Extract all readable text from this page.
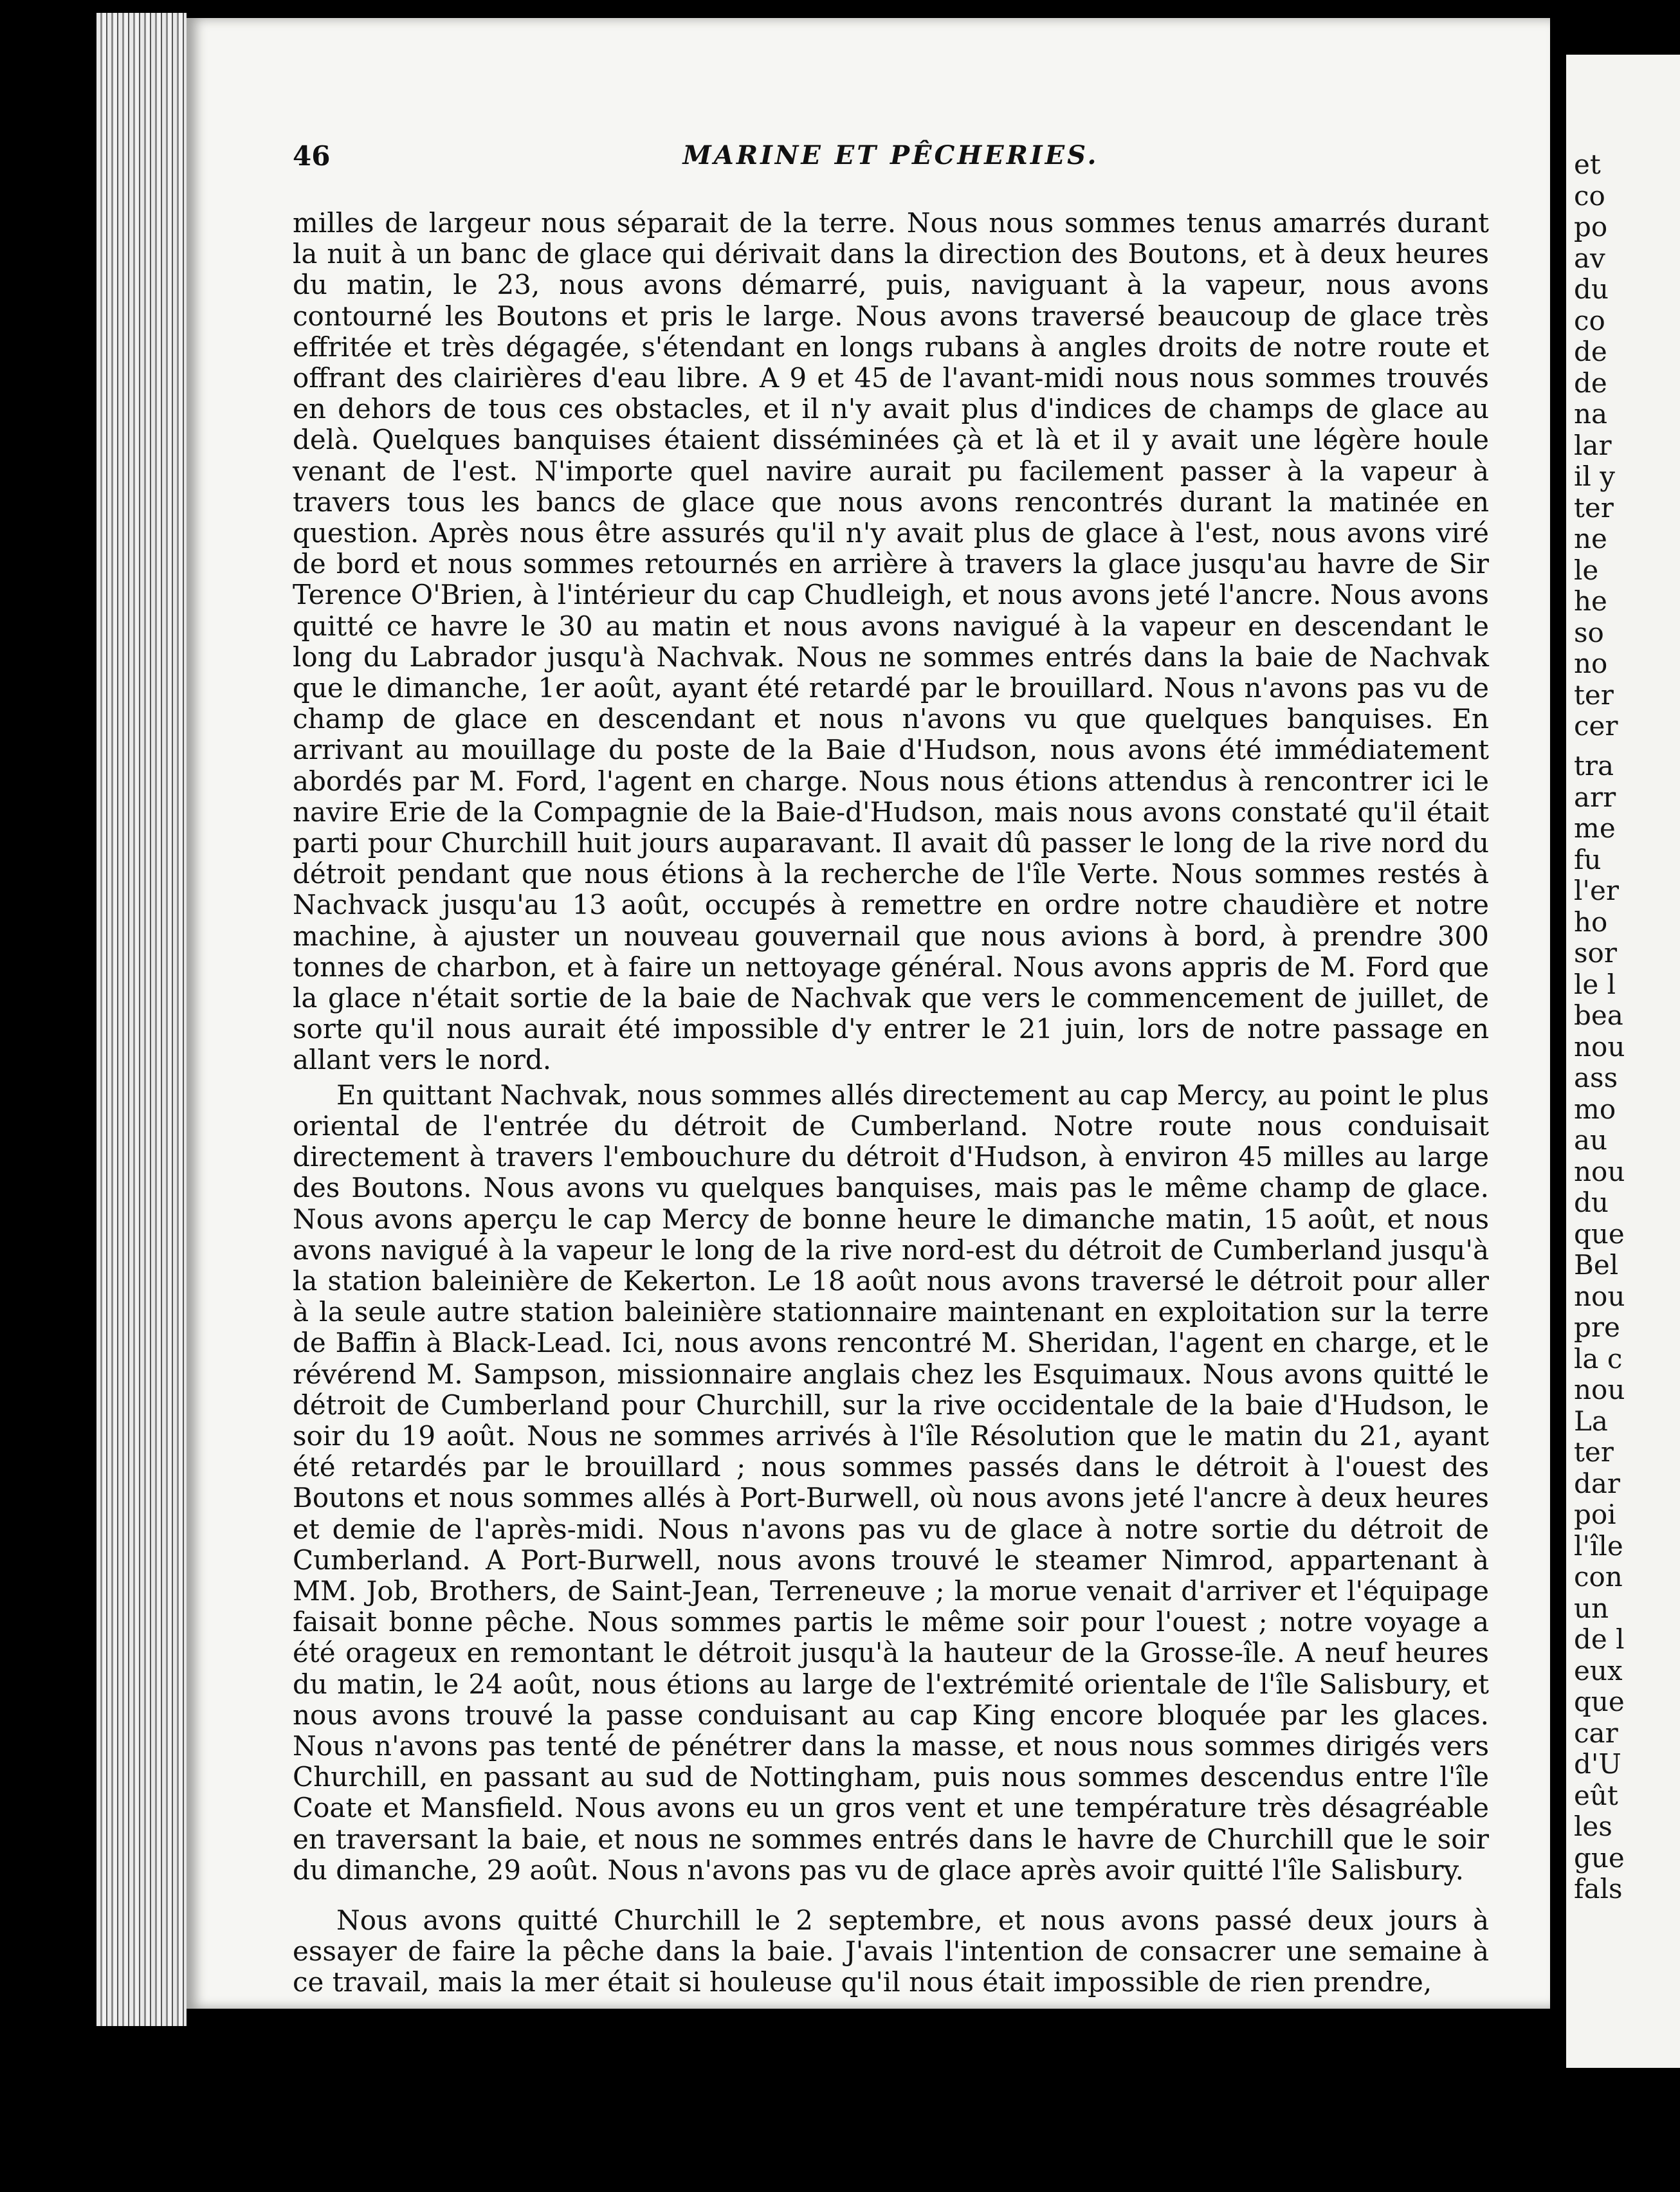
46	MARINE ET PÊCHERIES.

milles de largeur nous séparait de la terre. Nous nous sommes tenus amarrés durant la nuit à un banc de glace qui dérivait dans la direction des Boutons, et à deux heures du matin, le 23, nous avons démarré, puis, naviguant à la vapeur, nous avons contourné les Boutons et pris le large. Nous avons traversé beaucoup de glace très effritée et très dégagée, s'étendant en longs rubans à angles droits de notre route et offrant des clairières d'eau libre. A 9 et 45 de l'avant-midi nous nous sommes trouvés en dehors de tous ces obstacles, et il n'y avait plus d'indices de champs de glace au delà. Quelques banquises étaient disséminées çà et là et il y avait une légère houle venant de l'est. N'importe quel navire aurait pu facilement passer à la vapeur à travers tous les bancs de glace que nous avons rencontrés durant la matinée en question. Après nous être assurés qu'il n'y avait plus de glace à l'est, nous avons viré de bord et nous sommes retournés en arrière à travers la glace jusqu'au havre de Sir Terence O'Brien, à l'intérieur du cap Chudleigh, et nous avons jeté l'ancre. Nous avons quitté ce havre le 30 au matin et nous avons navigué à la vapeur en descendant le long du Labrador jusqu'à Nachvak. Nous ne sommes entrés dans la baie de Nachvak que le dimanche, 1er août, ayant été retardé par le brouillard. Nous n'avons pas vu de champ de glace en descendant et nous n'avons vu que quelques banquises. En arrivant au mouillage du poste de la Baie d'Hudson, nous avons été immédiatement abordés par M. Ford, l'agent en charge. Nous nous étions attendus à rencontrer ici le navire Erie de la Compagnie de la Baie-d'Hudson, mais nous avons constaté qu'il était parti pour Churchill huit jours auparavant. Il avait dû passer le long de la rive nord du détroit pendant que nous étions à la recherche de l'île Verte. Nous sommes restés à Nachvack jusqu'au 13 août, occupés à remettre en ordre notre chaudière et notre machine, à ajuster un nouveau gouvernail que nous avions à bord, à prendre 300 tonnes de charbon, et à faire un nettoyage général. Nous avons appris de M. Ford que la glace n'était sortie de la baie de Nachvak que vers le commencement de juillet, de sorte qu'il nous aurait été impossible d'y entrer le 21 juin, lors de notre passage en allant vers le nord.

En quittant Nachvak, nous sommes allés directement au cap Mercy, au point le plus oriental de l'entrée du détroit de Cumberland. Notre route nous conduisait directement à travers l'embouchure du détroit d'Hudson, à environ 45 milles au large des Boutons. Nous avons vu quelques banquises, mais pas le même champ de glace. Nous avons aperçu le cap Mercy de bonne heure le dimanche matin, 15 août, et nous avons navigué à la vapeur le long de la rive nord-est du détroit de Cumberland jusqu'à la station baleinière de Kekerton. Le 18 août nous avons traversé le détroit pour aller à la seule autre station baleinière stationnaire maintenant en exploitation sur la terre de Baffin à Black-Lead. Ici, nous avons rencontré M. Sheridan, l'agent en charge, et le révérend M. Sampson, missionnaire anglais chez les Esquimaux. Nous avons quitté le détroit de Cumberland pour Churchill, sur la rive occidentale de la baie d'Hudson, le soir du 19 août. Nous ne sommes arrivés à l'île Résolution que le matin du 21, ayant été retardés par le brouillard ; nous sommes passés dans le détroit à l'ouest des Boutons et nous sommes allés à Port-Burwell, où nous avons jeté l'ancre à deux heures et demie de l'après-midi. Nous n'avons pas vu de glace à notre sortie du détroit de Cumberland. A Port-Burwell, nous avons trouvé le steamer Nimrod, appartenant à MM. Job, Brothers, de Saint-Jean, Terreneuve ; la morue venait d'arriver et l'équipage faisait bonne pêche. Nous sommes partis le même soir pour l'ouest ; notre voyage a été orageux en remontant le détroit jusqu'à la hauteur de la Grosse-île. A neuf heures du matin, le 24 août, nous étions au large de l'extrémité orientale de l'île Salisbury, et nous avons trouvé la passe conduisant au cap King encore bloquée par les glaces. Nous n'avons pas tenté de pénétrer dans la masse, et nous nous sommes dirigés vers Churchill, en passant au sud de Nottingham, puis nous sommes descendus entre l'île Coate et Mansfield. Nous avons eu un gros vent et une température très désagréable en traversant la baie, et nous ne sommes entrés dans le havre de Churchill que le soir du dimanche, 29 août. Nous n'avons pas vu de glace après avoir quitté l'île Salisbury.

Nous avons quitté Churchill le 2 septembre, et nous avons passé deux jours à essayer de faire la pêche dans la baie. J'avais l'intention de consacrer une semaine à ce travail, mais la mer était si houleuse qu'il nous était impossible de rien prendre,

et
co
po
av
du
co
de
de
na
lar
il y
ter
ne
le
he
so
no
ter
cer
tra
arr
me
fu
l'er
ho
sor
le l
bea
nou
ass
mo
au
nou
du
que
Bel
nou
pre
la c
nou
La
ter
dar
poi
l'île
con
un
de l
eux
que
car
d'U
eût
les
gue
fals
